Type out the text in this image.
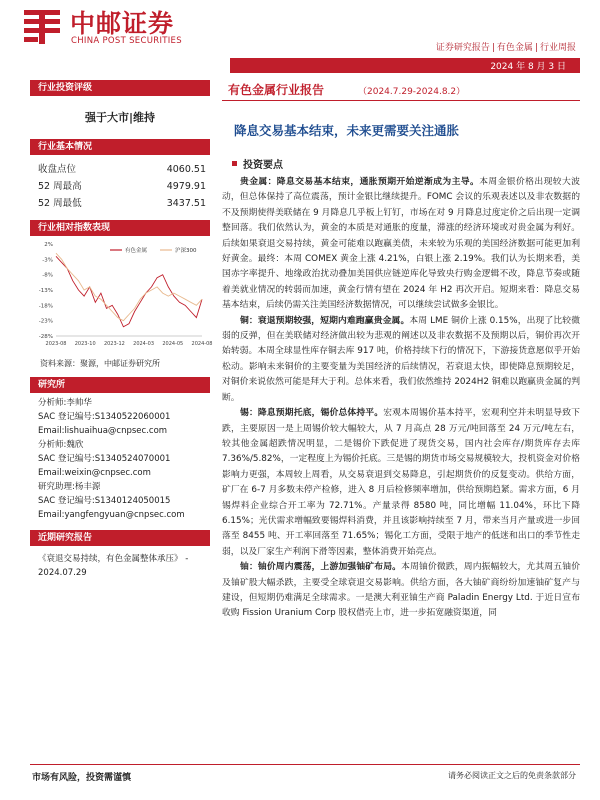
中邮证券
CHINA POST SECURITIES
证券研究报告 | 有色金属 | 行业周报
2024 年 8 月 3 日
行业投资评级
强于大市|维持
行业基本情况
收盘点位	4060.51
52 周最高	4979.91
52 周最低	3437.51
行业相对指数表现
2%
-3%
-8%
-13%
-18%
-23%
-28%
2023-08 2023-10 2023-12 2024-03 2024-05 2024-08
有色金属	沪深300
资料来源：聚源，中邮证券研究所
研究所
分析师:李帅华
SAC 登记编号:S1340522060001
Email:lishuaihua@cnpsec.com
分析师:魏欣
SAC 登记编号:S1340524070001
Email:weixin@cnpsec.com
研究助理:杨丰源
SAC 登记编号:S1340124050015
Email:yangfengyuan@cnpsec.com
近期研究报告
《衰退交易持续，有色金属整体承压》 - 2024.07.29
有色金属行业报告	（2024.7.29-2024.8.2）
降息交易基本结束，未来更需要关注通胀
投资要点

贵金属：降息交易基本结束，通胀预期开始逆渐成为主导。本周金银价格出现较大波动，但总体保持了高位震荡，预计金银比继续提升。FOMC 会议的乐观表述以及非农数据的不及预期使得美联储在 9 月降息几乎板上钉钉，市场在对 9 月降息过度定价之后出现一定调整回落。我们依然认为，黄金的本质是对通胀的度量，滞涨的经济环境或对贵金属为利好。后续如果衰退交易持续，黄金可能难以跑赢美债，未来较为乐观的美国经济数据可能更加利好黄金。最终：本周 COMEX 黄金上涨 4.21%，白银上涨 2.19%。我们认为长期来看，美国赤字率提升、地缘政治扰动叠加美国供应链逆库化导致央行购金逻辑不改，降息节奏或随着美就业情况的转弱而加速，黄金行情有望在 2024 年 H2 再次开启。短期来看：降息交易基本结束，后续仍需关注美国经济数据情况，可以继续尝试做多金银比。

铜：衰退预期较强，短期内难跑赢贵金属。本周 LME 铜价上涨 0.15%，出现了比较微弱的反弹，但在美联储对经济做出较为悲观的阐述以及非农数据不及预期以后，铜价再次开始转弱。本周全球显性库存铜去库 917 吨，价格持续下行的情况下，下游接货意愿似乎开始松动。影响未来铜价的主要变量为美国经济的后续情况，若衰退太快，即使降息预期较足，对铜价来说依然可能是拜大于利。总体来看，我们依然维持 2024H2 铜难以跑赢贵金属的判断。

锡：降息预期托底，锡价总体持平。宏观本周锡价基本持平，宏观利空并未明显导致下跌，主要原因一是上周锡价较大幅较大，从 7 月高点 28 万元/吨回落至 24 万元/吨左右，较其他金属超跌情况明显，二是锡价下跌促进了现货交易，国内社会库存/期货库存去库 7.36%/5.82%，一定程度上为锡价托底。三是锡的期货市场交易规模较大，投机资金对价格影响力更强，本周较上周看，从交易衰退到交易降息，引起期货价的反复变动。供给方面，矿厂在 6-7 月多数未停产检修，进入 8 月后检修频率增加，供给预期趋紧。需求方面，6 月锡焊料企业综合开工率为 72.71%。产量录得 8580 吨，同比增幅 11.04%，环比下降 6.15%；光伏需求增幅致要锡焊料消费，并且该影响持续至 7 月，带来当月产量或进一步回落至 8455 吨、开工率回落至 71.65%；锡化工方面，受限于地产的低迷和出口的季节性走弱，以及厂家生产利润下滑等因素，整体消费开始亮点。

铀：铀价周内震荡，上游加强铀矿布局。本周铀价微跌，周内振幅较大，尤其周五铀价及铀矿股大幅杀跌，主要受全球衰退交易影响。供给方面，各大铀矿商纷纷加速铀矿复产与建设，但短期仍难满足全球需求。一是澳大利亚铀生产商 Paladin Energy Ltd. 于近日宣布收购 Fission Uranium Corp 股权借壳上市，进一步拓宽融资渠道，同

市场有风险，投资需谨慎	请务必阅读正文之后的免责条款部分
